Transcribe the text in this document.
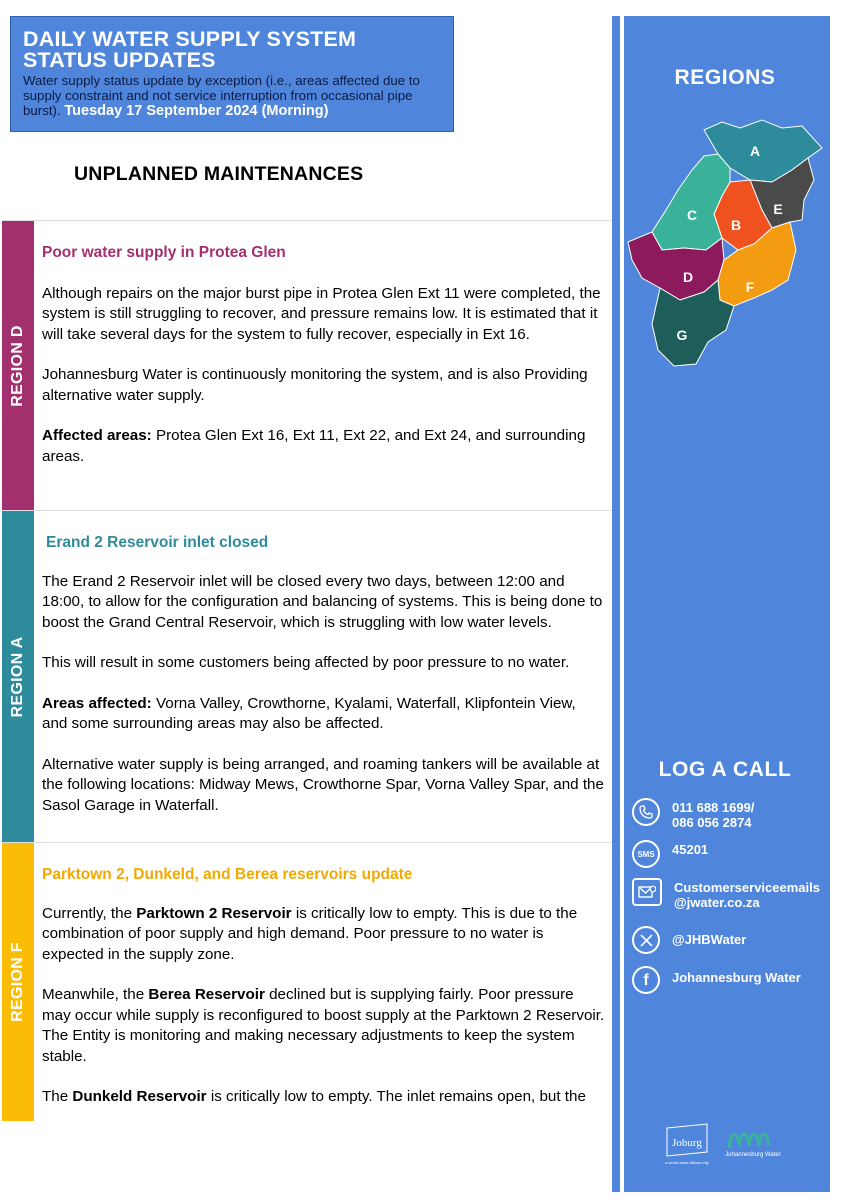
DAILY WATER SUPPLY SYSTEM
STATUS UPDATES
Water supply status update by exception (i.e., areas affected due to supply constraint and not service interruption from occasional pipe burst). Tuesday 17 September 2024 (Morning)
UNPLANNED MAINTENANCES
REGION D
Poor water supply in Protea Glen

Although repairs on the major burst pipe in Protea Glen Ext 11 were completed, the system is still struggling to recover, and pressure remains low. It is estimated that it will take several days for the system to fully recover, especially in Ext 16.

Johannesburg Water is continuously monitoring the system, and is also Providing alternative water supply.

Affected areas: Protea Glen Ext 16, Ext 11, Ext 22, and Ext 24, and surrounding areas.

REGION A
Erand 2 Reservoir inlet closed

The Erand 2 Reservoir inlet will be closed every two days, between 12:00 and 18:00, to allow for the configuration and balancing of systems. This is being done to boost the Grand Central Reservoir, which is struggling with low water levels.

This will result in some customers being affected by poor pressure to no water.

Areas affected: Vorna Valley, Crowthorne, Kyalami, Waterfall, Klipfontein View, and some surrounding areas may also be affected.

Alternative water supply is being arranged, and roaming tankers will be available at the following locations: Midway Mews, Crowthorne Spar, Vorna Valley Spar, and the Sasol Garage in Waterfall.

REGION F
Parktown 2, Dunkeld, and Berea reservoirs update

Currently, the Parktown 2 Reservoir is critically low to empty. This is due to the combination of poor supply and high demand. Poor pressure to no water is expected in the supply zone.

Meanwhile, the Berea Reservoir declined but is supplying fairly. Poor pressure may occur while supply is reconfigured to boost supply at the Parktown 2 Reservoir. The Entity is monitoring and making necessary adjustments to keep the system stable.

The Dunkeld Reservoir is critically low to empty. The inlet remains open, but the

REGIONS
A
E
B
C
D
F
G
LOG A CALL
011 688 1699/
086 056 2874
SMS	45201
Customerserviceemails
@jwater.co.za
@JHBWater
f	Johannesburg Water
Joburg
a world class African city
Johannesburg Water
